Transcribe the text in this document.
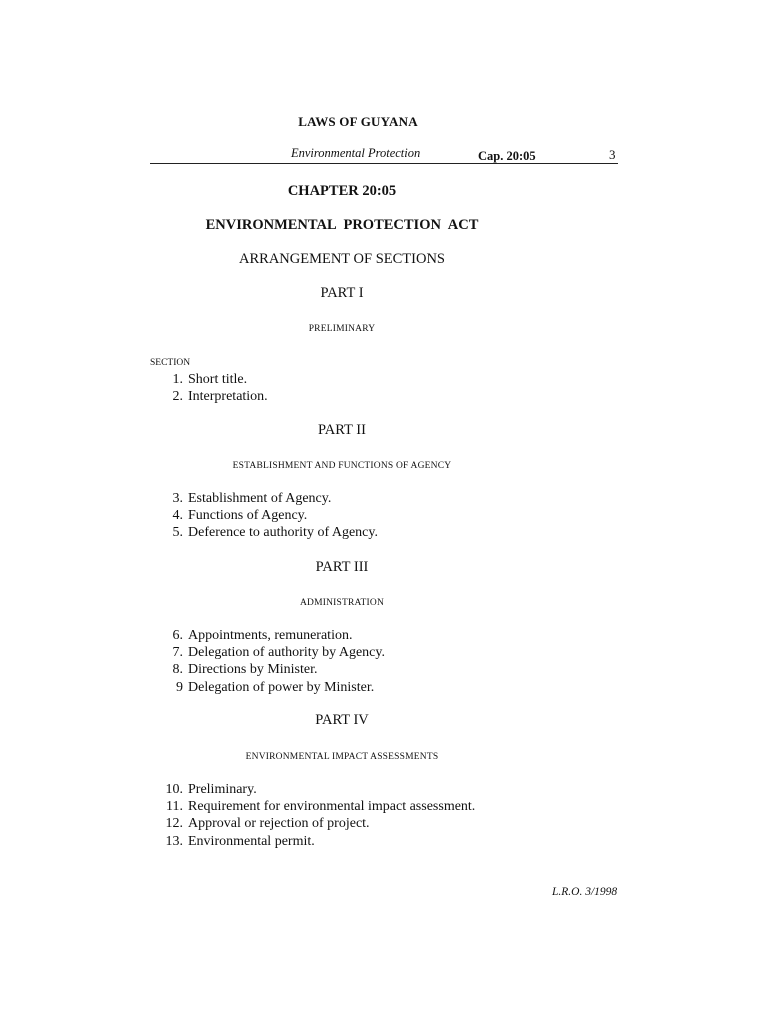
LAWS OF GUYANA
Environmental Protection	Cap. 20:05	3
CHAPTER 20:05
ENVIRONMENTAL PROTECTION ACT
ARRANGEMENT OF SECTIONS
PART I
PRELIMINARY
SECTION
1. Short title.
2. Interpretation.
PART II
ESTABLISHMENT AND FUNCTIONS OF AGENCY
3. Establishment of Agency.
4. Functions of Agency.
5. Deference to authority of Agency.
PART III
ADMINISTRATION
6. Appointments, remuneration.
7. Delegation of authority by Agency.
8. Directions by Minister.
9 Delegation of power by Minister.
PART IV
ENVIRONMENTAL IMPACT ASSESSMENTS
10. Preliminary.
11. Requirement for environmental impact assessment.
12. Approval or rejection of project.
13. Environmental permit.
L.R.O. 3/1998
